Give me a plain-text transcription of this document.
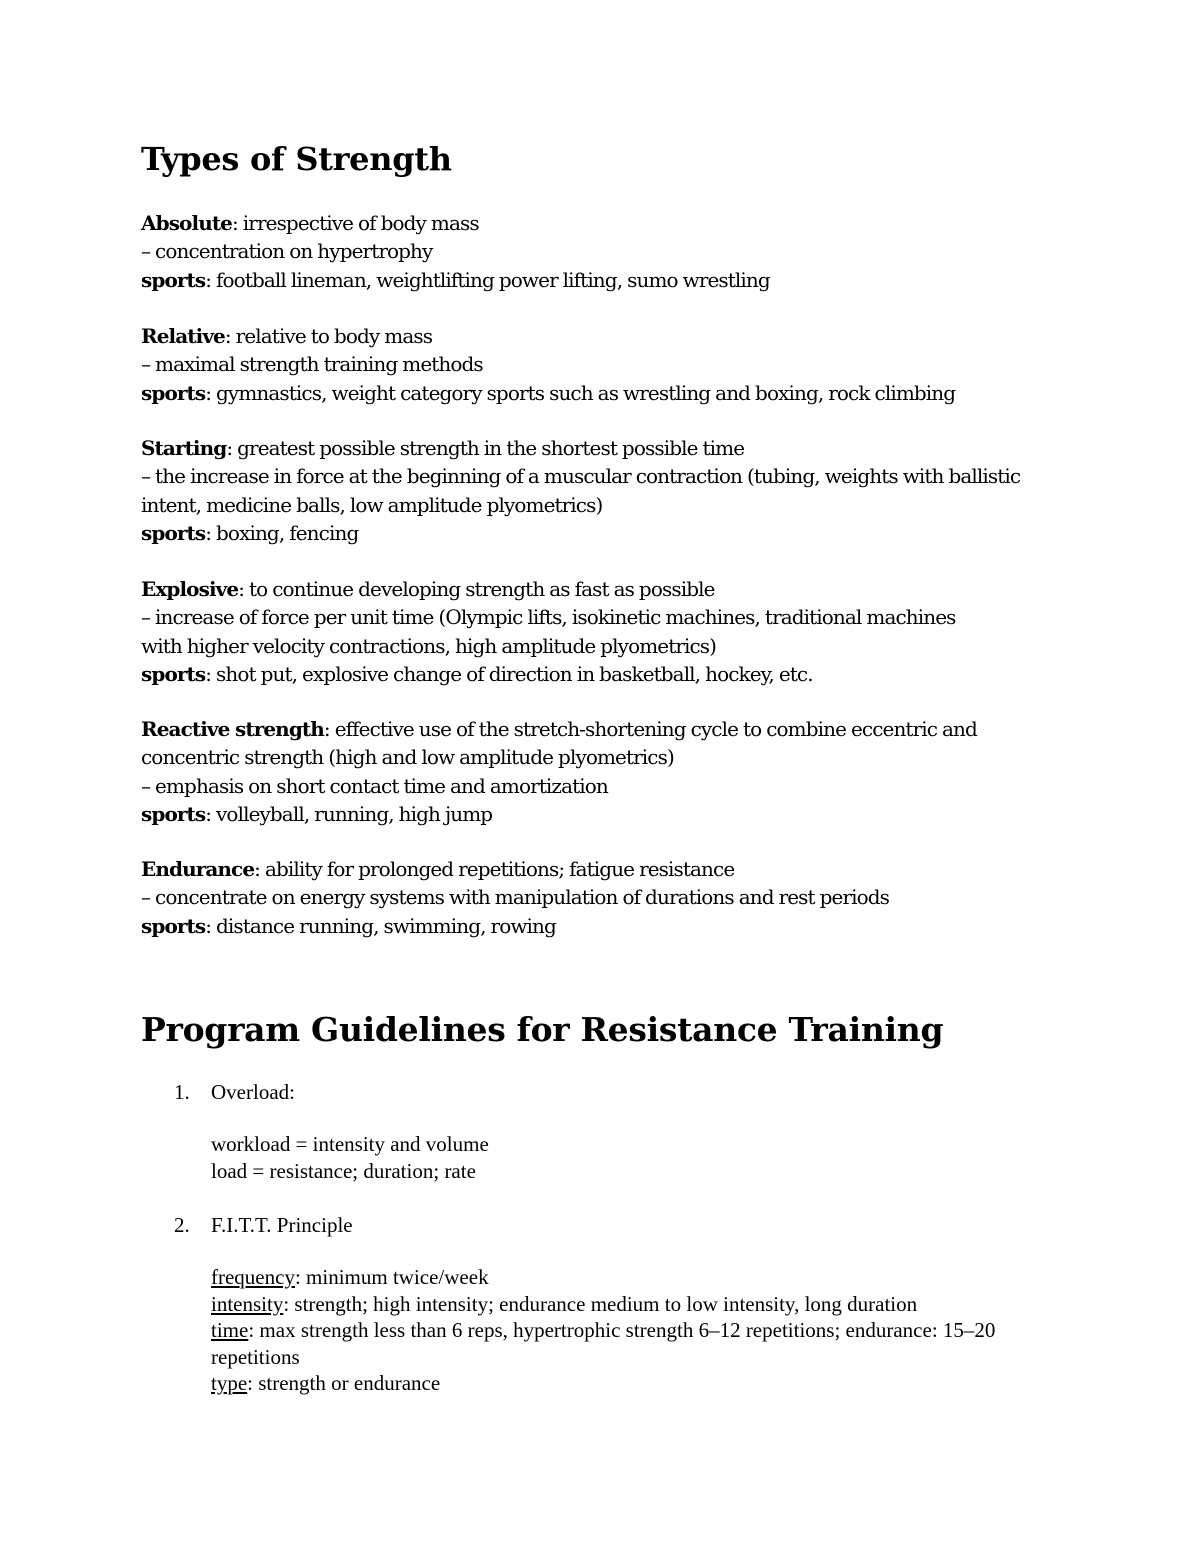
Types of Strength
Absolute: irrespective of body mass
– concentration on hypertrophy
sports: football lineman, weightlifting power lifting, sumo wrestling
Relative: relative to body mass
– maximal strength training methods
sports: gymnastics, weight category sports such as wrestling and boxing, rock climbing
Starting: greatest possible strength in the shortest possible time
– the increase in force at the beginning of a muscular contraction (tubing, weights with ballistic intent, medicine balls, low amplitude plyometrics)
sports: boxing, fencing
Explosive: to continue developing strength as fast as possible
– increase of force per unit time (Olympic lifts, isokinetic machines, traditional machines with higher velocity contractions, high amplitude plyometrics)
sports: shot put, explosive change of direction in basketball, hockey, etc.
Reactive strength: effective use of the stretch-shortening cycle to combine eccentric and concentric strength (high and low amplitude plyometrics)
– emphasis on short contact time and amortization
sports: volleyball, running, high jump
Endurance: ability for prolonged repetitions; fatigue resistance
– concentrate on energy systems with manipulation of durations and rest periods
sports: distance running, swimming, rowing
Program Guidelines for Resistance Training
1.	Overload:
workload = intensity and volume
load = resistance; duration; rate
2.	F.I.T.T. Principle
frequency: minimum twice/week
intensity: strength; high intensity; endurance medium to low intensity, long duration
time: max strength less than 6 reps, hypertrophic strength 6–12 repetitions; endurance: 15–20 repetitions
type: strength or endurance
